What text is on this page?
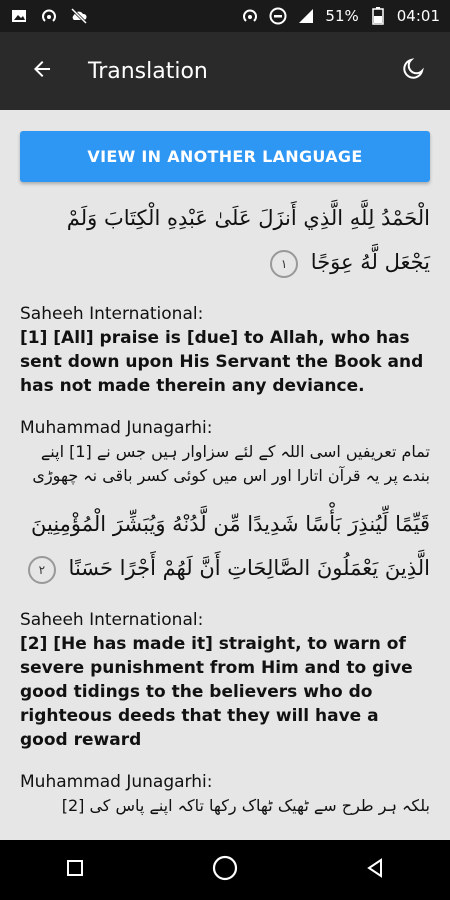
51%	04:01
Translation
VIEW IN ANOTHER LANGUAGE
الْحَمْدُ لِلَّهِ الَّذِي أَنزَلَ عَلَىٰ عَبْدِهِ الْكِتَابَ وَلَمْ يَجْعَل لَّهُ عِوَجًا ١
Saheeh International:
[1] [All] praise is [due] to Allah, who has sent down upon His Servant the Book and has not made therein any deviance.
Muhammad Junagarhi:
تمام تعریفیں اسی اللہ کے لئے سزاوار ہیں جس نے [1] اپنے بندے پر یہ قرآن اتارا اور اس میں کوئی کسر باقی نہ چھوڑی
قَيِّمًا لِّيُنذِرَ بَأْسًا شَدِيدًا مِّن لَّدُنْهُ وَيُبَشِّرَ الْمُؤْمِنِينَ الَّذِينَ يَعْمَلُونَ الصَّالِحَاتِ أَنَّ لَهُمْ أَجْرًا حَسَنًا ٢
Saheeh International:
[2] [He has made it] straight, to warn of severe punishment from Him and to give good tidings to the believers who do righteous deeds that they will have a good reward
Muhammad Junagarhi:
بلکہ ہر طرح سے ٹھیک ٹھاک رکھا تاکہ اپنے پاس کی [2]
